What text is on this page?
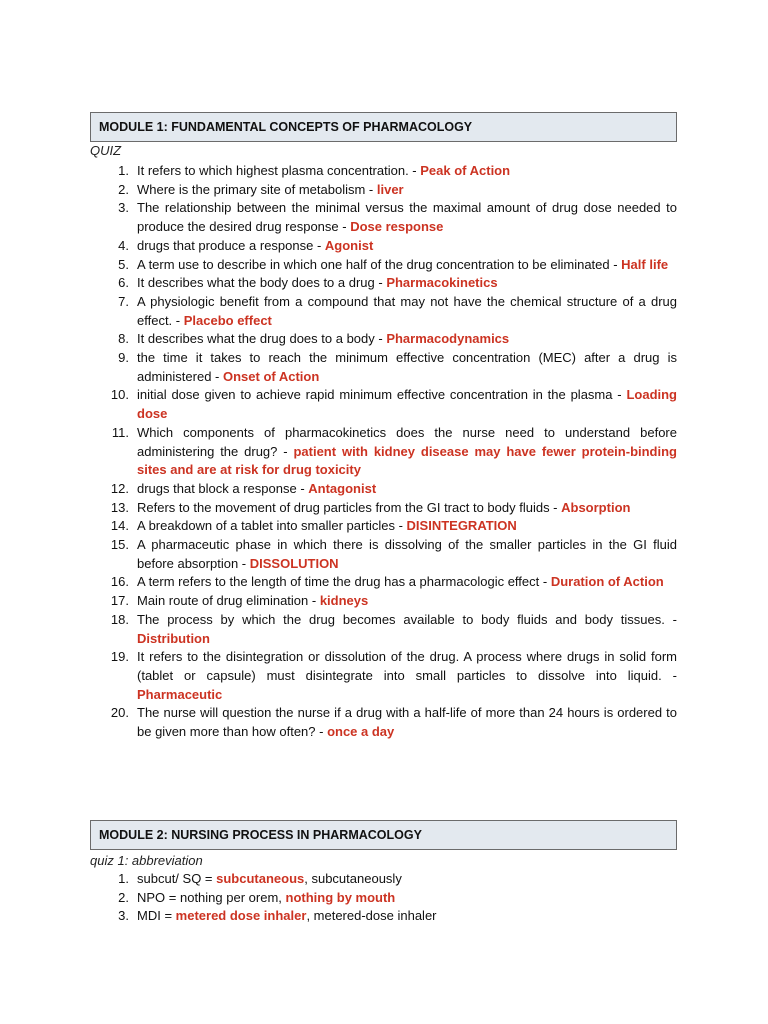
MODULE 1: FUNDAMENTAL CONCEPTS OF PHARMACOLOGY
QUIZ
1. It refers to which highest plasma concentration. - Peak of Action
2. Where is the primary site of metabolism - liver
3. The relationship between the minimal versus the maximal amount of drug dose needed to produce the desired drug response - Dose response
4. drugs that produce a response - Agonist
5. A term use to describe in which one half of the drug concentration to be eliminated - Half life
6. It describes what the body does to a drug - Pharmacokinetics
7. A physiologic benefit from a compound that may not have the chemical structure of a drug effect. - Placebo effect
8. It describes what the drug does to a body - Pharmacodynamics
9. the time it takes to reach the minimum effective concentration (MEC) after a drug is administered - Onset of Action
10. initial dose given to achieve rapid minimum effective concentration in the plasma - Loading dose
11. Which components of pharmacokinetics does the nurse need to understand before administering the drug? - patient with kidney disease may have fewer protein-binding sites and are at risk for drug toxicity
12. drugs that block a response - Antagonist
13. Refers to the movement of drug particles from the GI tract to body fluids - Absorption
14. A breakdown of a tablet into smaller particles - DISINTEGRATION
15. A pharmaceutic phase in which there is dissolving of the smaller particles in the GI fluid before absorption - DISSOLUTION
16. A term refers to the length of time the drug has a pharmacologic effect - Duration of Action
17. Main route of drug elimination - kidneys
18. The process by which the drug becomes available to body fluids and body tissues. - Distribution
19. It refers to the disintegration or dissolution of the drug. A process where drugs in solid form (tablet or capsule) must disintegrate into small particles to dissolve into liquid. - Pharmaceutic
20. The nurse will question the nurse if a drug with a half-life of more than 24 hours is ordered to be given more than how often? - once a day
MODULE 2: NURSING PROCESS IN PHARMACOLOGY
quiz 1: abbreviation
1. subcut/ SQ = subcutaneous, subcutaneously
2. NPO = nothing per orem, nothing by mouth
3. MDI = metered dose inhaler, metered-dose inhaler
